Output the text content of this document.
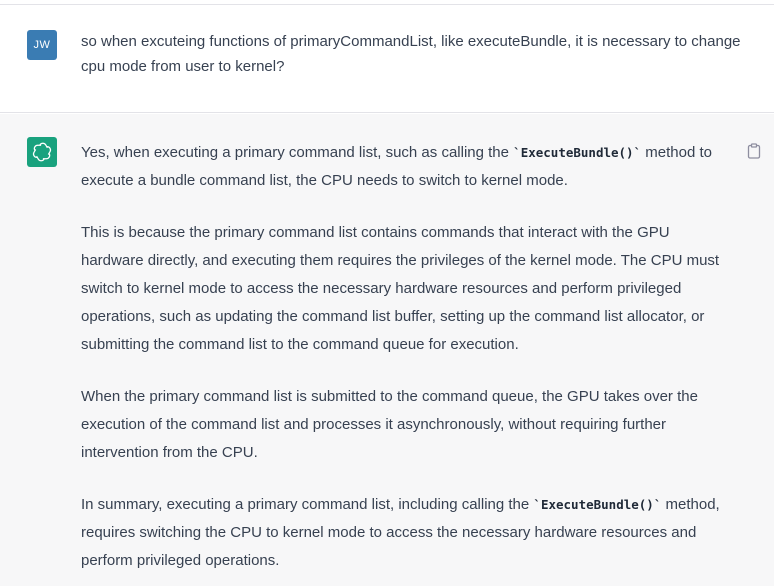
JW so when excuteing functions of primaryCommandList, like executeBundle, it is necessary to change cpu mode from user to kernel?

Yes, when executing a primary command list, such as calling the `ExecuteBundle()` method to execute a bundle command list, the CPU needs to switch to kernel mode.

This is because the primary command list contains commands that interact with the GPU hardware directly, and executing them requires the privileges of the kernel mode. The CPU must switch to kernel mode to access the necessary hardware resources and perform privileged operations, such as updating the command list buffer, setting up the command list allocator, or submitting the command list to the command queue for execution.

When the primary command list is submitted to the command queue, the GPU takes over the execution of the command list and processes it asynchronously, without requiring further intervention from the CPU.

In summary, executing a primary command list, including calling the `ExecuteBundle()` method, requires switching the CPU to kernel mode to access the necessary hardware resources and perform privileged operations.
